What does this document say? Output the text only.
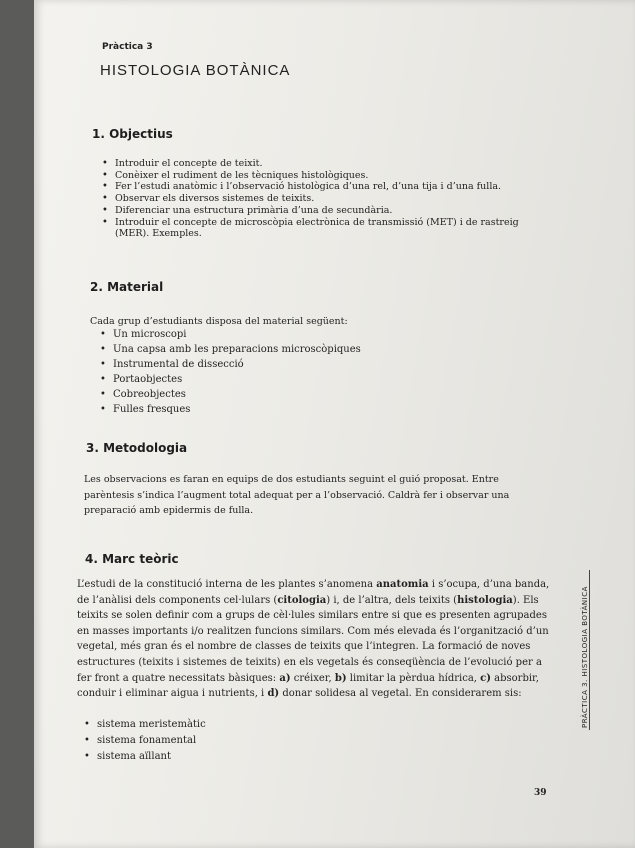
Pràctica 3
HISTOLOGIA BOTÀNICA
1. Objectius
• Introduir el concepte de teixit.
• Conèixer el rudiment de les tècniques histològiques.
• Fer l’estudi anatòmic i l’observació histològica d’una rel, d’una tija i d’una fulla.
• Observar els diversos sistemes de teixits.
• Diferenciar una estructura primària d’una de secundària.
• Introduir el concepte de microscòpia electrònica de transmissió (MET) i de rastreig
(MER). Exemples.
2. Material
Cada grup d’estudiants disposa del material següent:
• Un microscopi
• Una capsa amb les preparacions microscòpiques
• Instrumental de dissecció
• Portaobjectes
• Cobreobjectes
• Fulles fresques
3. Metodologia
Les observacions es faran en equips de dos estudiants seguint el guió proposat. Entre parèntesis s’indica l’augment total adequat per a l’observació. Caldrà fer i observar una preparació amb epidermis de fulla.
4. Marc teòric
L’estudi de la constitució interna de les plantes s’anomena anatomia i s’ocupa, d’una banda, de l’anàlisi dels components cel·lulars (citologia) i, de l’altra, dels teixits (histologia). Els teixits se solen definir com a grups de cèl·lules similars entre si que es presenten agrupades en masses importants i/o realitzen funcions similars. Com més elevada és l’organització d’un vegetal, més gran és el nombre de classes de teixits que l’integren. La formació de noves estructures (teixits i sistemes de teixits) en els vegetals és conseqüència de l’evolució per a fer front a quatre necessitats bàsiques: a) créixer, b) limitar la pèrdua hídrica, c) absorbir, conduir i eliminar aigua i nutrients, i d) donar solidesa al vegetal. En considerarem sis:
• sistema meristemàtic
• sistema fonamental
• sistema aïllant
PRÀCTICA 3. HISTOLOGIA BOTÀNICA
39
